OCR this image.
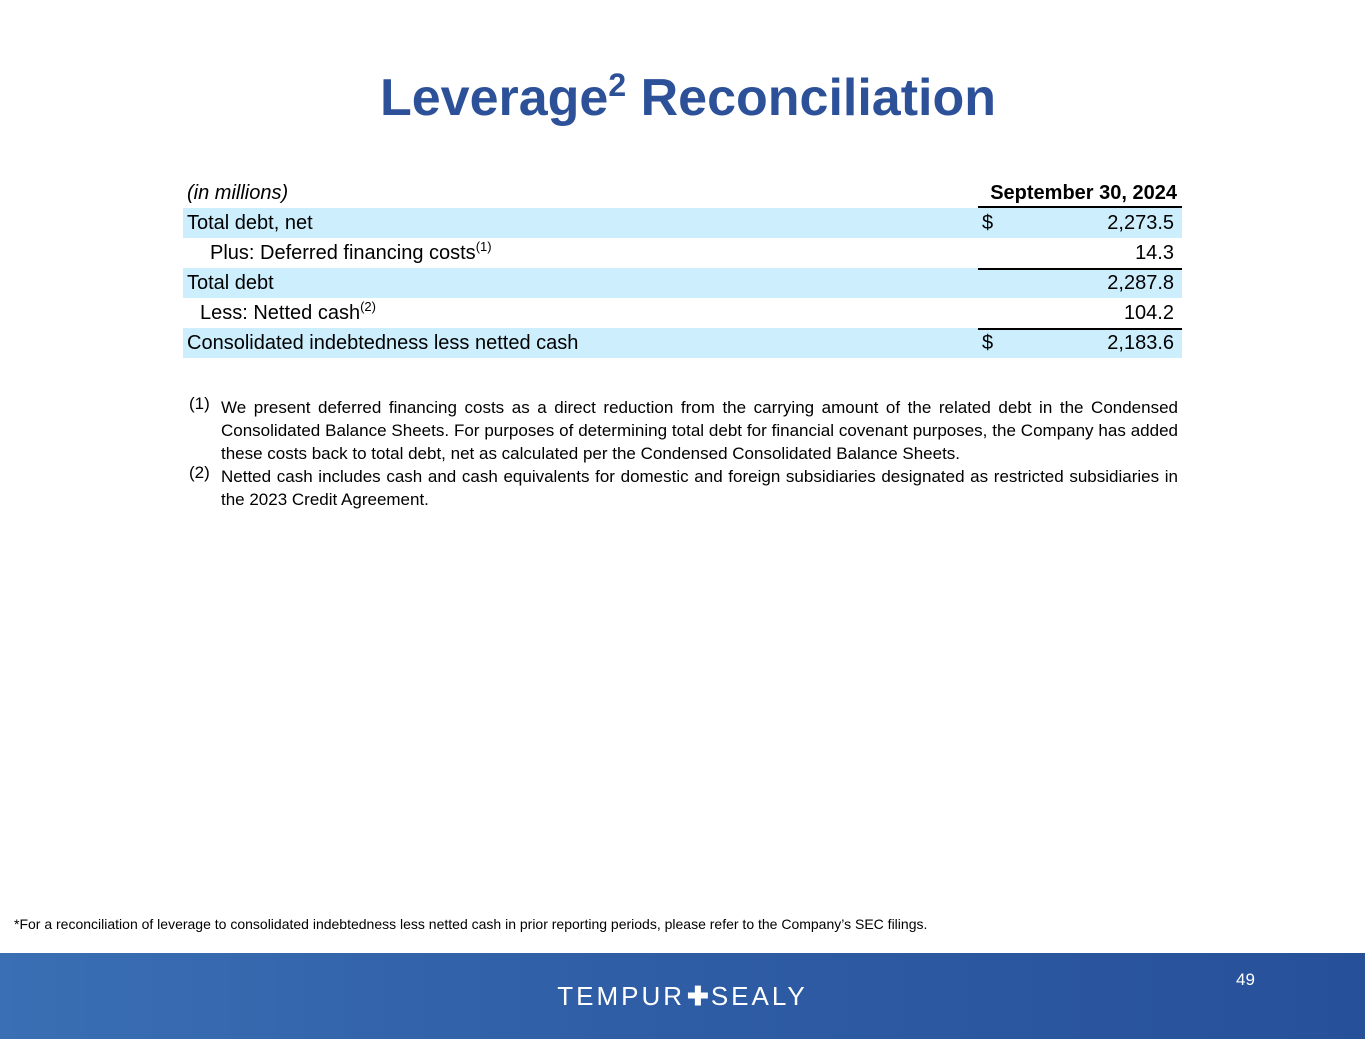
Leverage$^2$ Reconciliation
(in millions)	September 30, 2024
Total debt, net	$	2,273.5
Plus: Deferred financing costs$^{(1)}$	14.3
Total debt	2,287.8
Less: Netted cash$^{(2)}$	104.2
Consolidated indebtedness less netted cash	$	2,183.6
(1) We present deferred financing costs as a direct reduction from the carrying amount of the related debt in the Condensed Consolidated Balance Sheets. For purposes of determining total debt for financial covenant purposes, the Company has added these costs back to total debt, net as calculated per the Condensed Consolidated Balance Sheets.
(2) Netted cash includes cash and cash equivalents for domestic and foreign subsidiaries designated as restricted subsidiaries in the 2023 Credit Agreement.
*For a reconciliation of leverage to consolidated indebtedness less netted cash in prior reporting periods, please refer to the Company’s SEC filings.
TEMPUR✚SEALY
49
